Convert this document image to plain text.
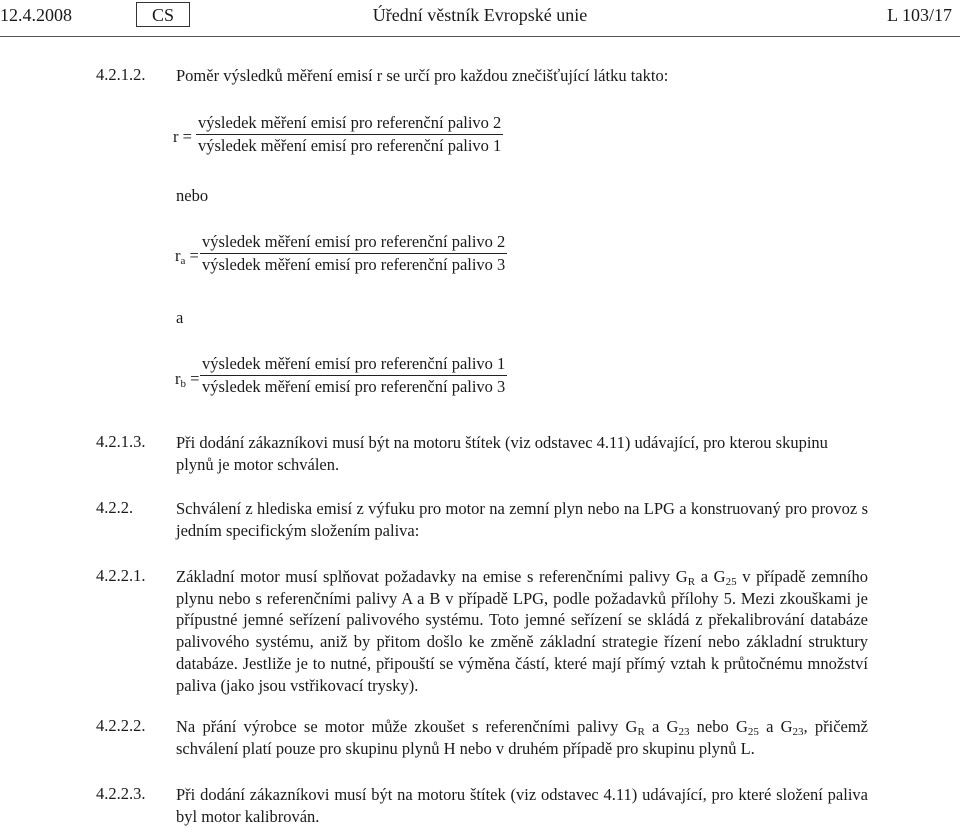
12.4.2008	CS	Úřední věstník Evropské unie	L 103/17
4.2.1.2. Poměr výsledků měření emisí r se určí pro každou znečišťující látku takto:
r =
výsledek měření emisí pro referenční palivo 2
výsledek měření emisí pro referenční palivo 1
nebo
$r_a$ =
výsledek měření emisí pro referenční palivo 2
výsledek měření emisí pro referenční palivo 3
a
$r_b$ =
výsledek měření emisí pro referenční palivo 1
výsledek měření emisí pro referenční palivo 3
4.2.1.3. Při dodání zákazníkovi musí být na motoru štítek (viz odstavec 4.11) udávající, pro kterou skupinu plynů je motor schválen.
4.2.2.	Schválení z hlediska emisí z výfuku pro motor na zemní plyn nebo na LPG a konstruovaný pro provoz s jedním specifickým složením paliva:
4.2.2.1. Základní motor musí splňovat požadavky na emise s referenčními palivy $G_R$ a $G_{25}$ v případě zemního plynu nebo s referenčními palivy A a B v případě LPG, podle požadavků přílohy 5. Mezi zkouškami je přípustné jemné seřízení palivového systému. Toto jemné seřízení se skládá z překalibrování databáze palivového systému, aniž by přitom došlo ke změně základní strategie řízení nebo základní struktury databáze. Jestliže je to nutné, připouští se výměna částí, které mají přímý vztah k průtočnému množství paliva (jako jsou vstřikovací trysky).
4.2.2.2. Na přání výrobce se motor může zkoušet s referenčními palivy $G_R$ a $G_{23}$ nebo $G_{25}$ a $G_{23}$, přičemž schválení platí pouze pro skupinu plynů H nebo v druhém případě pro skupinu plynů L.
4.2.2.3. Při dodání zákazníkovi musí být na motoru štítek (viz odstavec 4.11) udávající, pro které složení paliva byl motor kalibrován.
